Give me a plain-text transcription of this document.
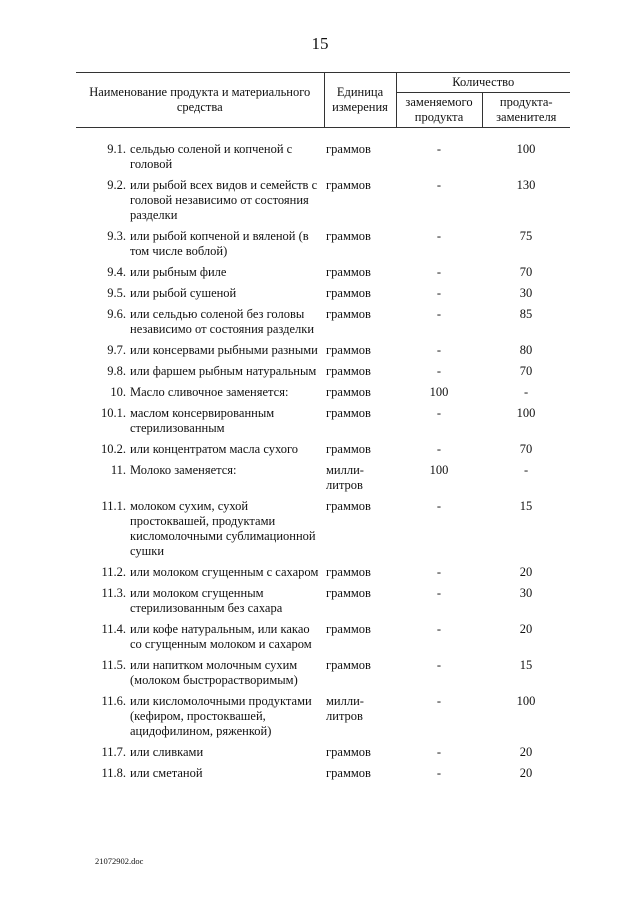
15
Наименование продукта и материального средства		Единица измерения	Количество	
			заменяемого продукта	продукта-заменителя

9.1.	сельдью соленой и копченой с головой	граммов	-	100
9.2.	или рыбой всех видов и семейств с головой независимо от состояния разделки	граммов	-	130
9.3.	или рыбой копченой и вяленой (в том числе воблой)	граммов	-	75
9.4.	или рыбным филе	граммов	-	70
9.5.	или рыбой сушеной	граммов	-	30
9.6.	или сельдью соленой без головы независимо от состояния разделки	граммов	-	85
9.7.	или консервами рыбными разными	граммов	-	80
9.8.	или фаршем рыбным натуральным	граммов	-	70
10.	Масло сливочное заменяется:	граммов	100	-
10.1.	маслом консервированным стерилизованным	граммов	-	100
10.2.	или концентратом масла сухого	граммов	-	70
11.	Молоко заменяется:	милли-литров	100	-
11.1.	молоком сухим, сухой простоквашей, продуктами кисломолочными сублимационной сушки	граммов	-	15
11.2.	или молоком сгущенным с сахаром	граммов	-	20
11.3.	или молоком сгущенным стерилизованным без сахара	граммов	-	30
11.4.	или кофе натуральным, или какао со сгущенным молоком и сахаром	граммов	-	20
11.5.	или напитком молочным сухим (молоком быстрорастворимым)	граммов	-	15
11.6.	или кисломолочными продуктами (кефиром, простоквашей, ацидофилином, ряженкой)	милли-литров	-	100
11.7.	или сливками	граммов	-	20
11.8.	или сметаной	граммов	-	20
21072902.doc
